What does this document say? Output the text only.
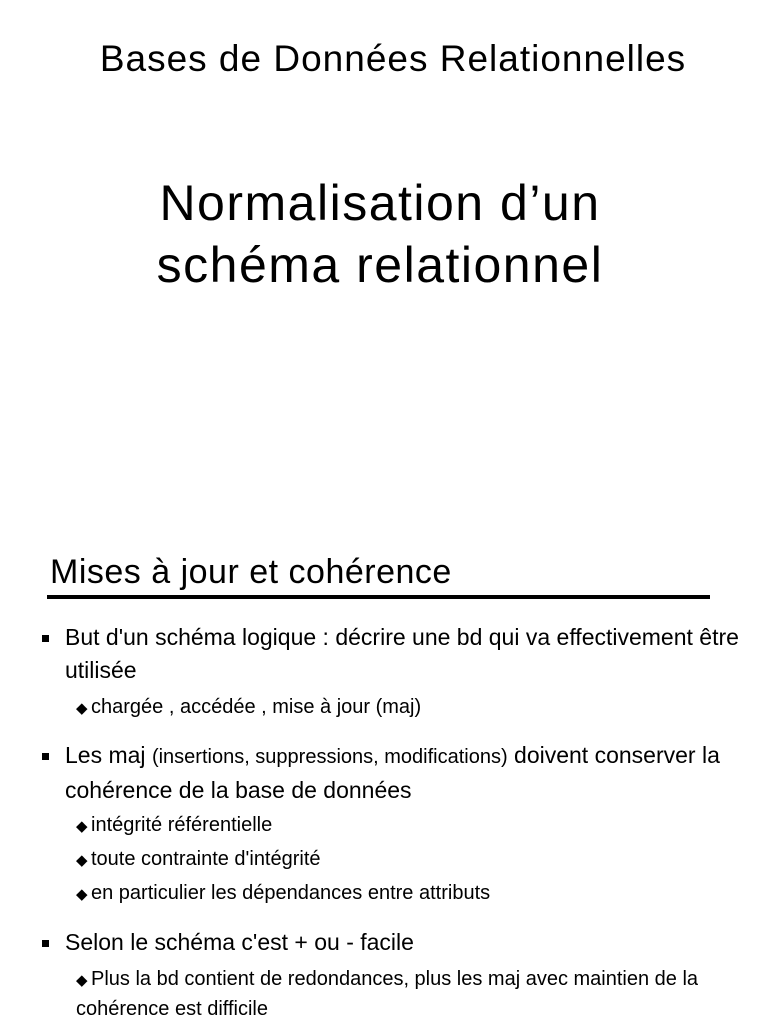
Bases de Données Relationnelles
Normalisation d’un
schéma relationnel
Mises à jour et cohérence
But d'un schéma logique : décrire une bd qui va effectivement être utilisée
◆ chargée , accédée , mise à jour (maj)
Les maj (insertions, suppressions, modifications) doivent conserver la cohérence de la base de données
◆ intégrité référentielle
◆ toute contrainte d'intégrité
◆ en particulier les dépendances entre attributs
Selon le schéma c'est + ou - facile
◆ Plus la bd contient de redondances, plus les maj avec maintien de la cohérence est difficile
